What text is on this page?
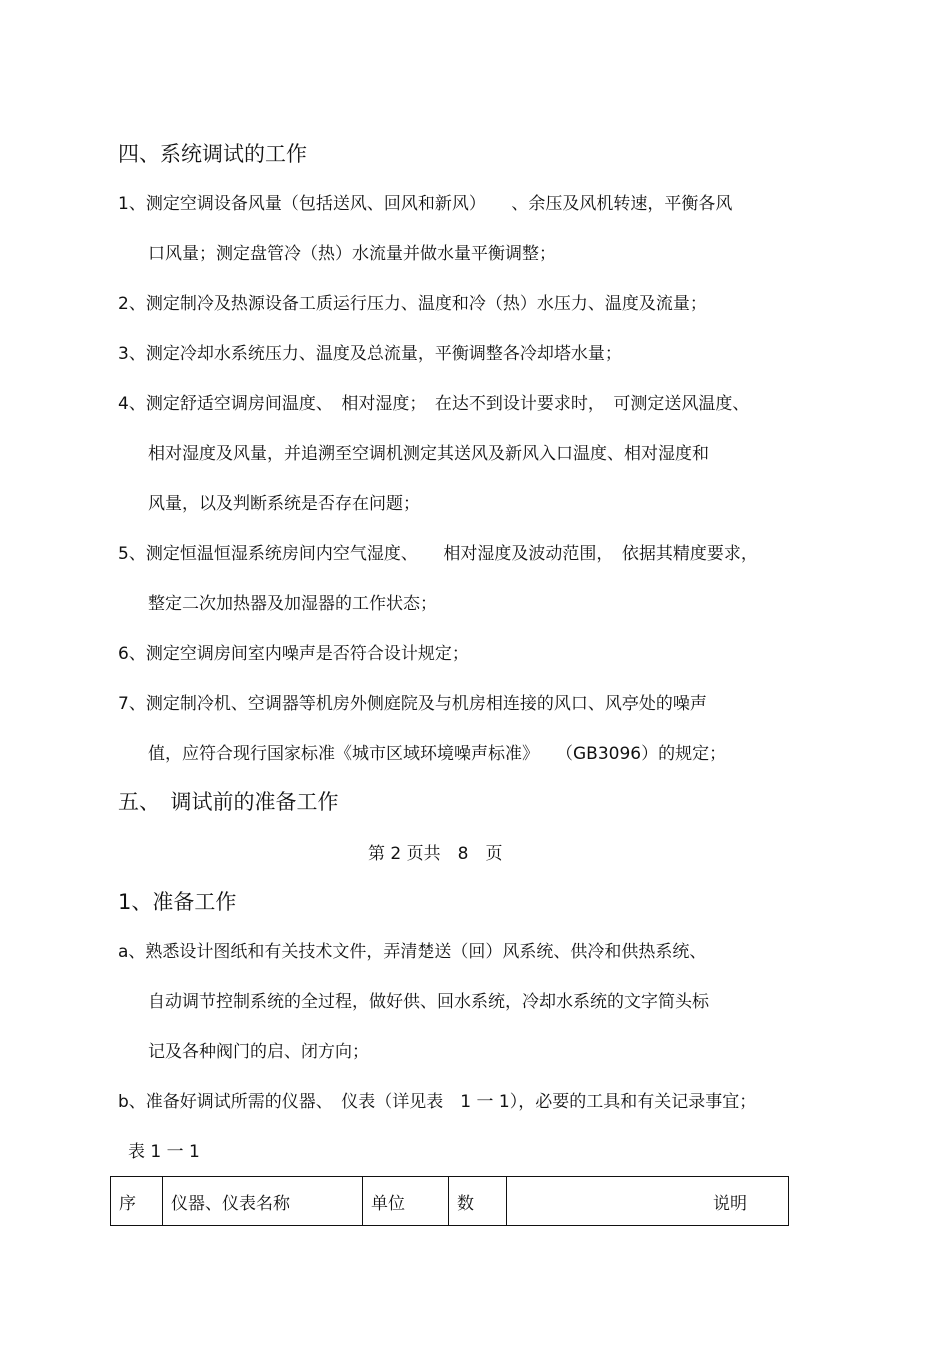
四、系统调试的工作
1、测定空调设备风量（包括送风、回风和新风）　　、余压及风机转速，平衡各风
口风量；测定盘管冷（热）水流量并做水量平衡调整；
2、测定制冷及热源设备工质运行压力、温度和冷（热）水压力、温度及流量；
3、测定冷却水系统压力、温度及总流量，平衡调整各冷却塔水量；
4、测定舒适空调房间温度、　相对湿度；　在达不到设计要求时，　可测定送风温度、
相对湿度及风量，并追溯至空调机测定其送风及新风入口温度、相对湿度和
风量，以及判断系统是否存在问题；
5、测定恒温恒湿系统房间内空气湿度、　　相对湿度及波动范围，　依据其精度要求，
整定二次加热器及加湿器的工作状态；
6、测定空调房间室内噪声是否符合设计规定；
7、测定制冷机、空调器等机房外侧庭院及与机房相连接的风口、风亭处的噪声
值，应符合现行国家标准《城市区域环境噪声标准》　　（GB3096）的规定；
五、　调试前的准备工作
第 2 页共　8　页
1、准备工作
a、熟悉设计图纸和有关技术文件，弄清楚送（回）风系统、供冷和供热系统、
自动调节控制系统的全过程，做好供、回水系统，冷却水系统的文字简头标
记及各种阀门的启、闭方向；
b、准备好调试所需的仪器、　仪表（详见表　1 一 1），必要的工具和有关记录事宜；
表 1 一 1
序	仪器、仪表名称	单位	数	说明
